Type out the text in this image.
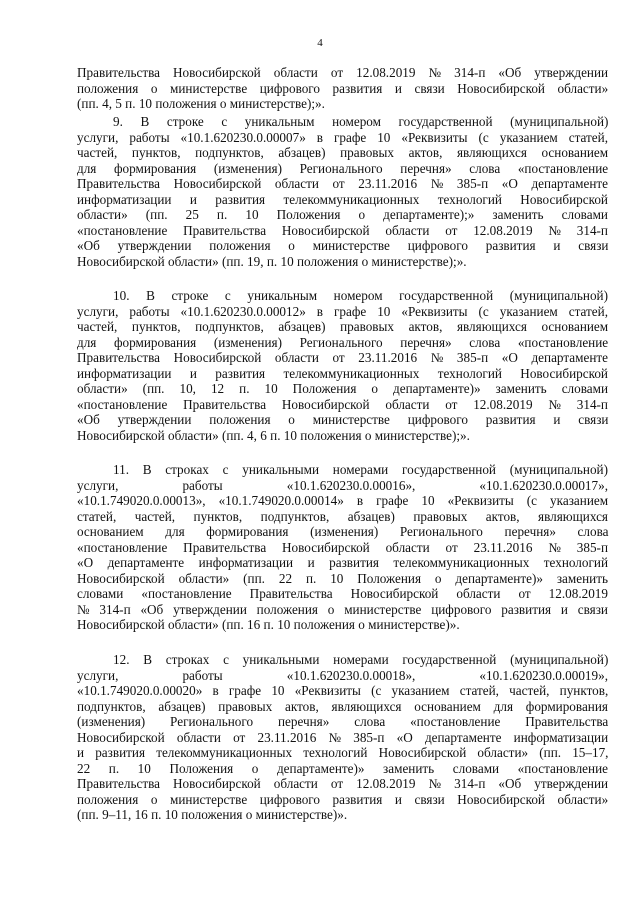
4
Правительства Новосибирской области от 12.08.2019 № 314-п «Об утверждении
положения о министерстве цифрового развития и связи Новосибирской области»
(пп. 4, 5 п. 10 положения о министерстве);».
9. В строке с уникальным номером государственной (муниципальной)
услуги, работы «10.1.620230.0.00007» в графе 10 «Реквизиты (с указанием статей,
частей, пунктов, подпунктов, абзацев) правовых актов, являющихся основанием
для формирования (изменения) Регионального перечня» слова «постановление
Правительства Новосибирской области от 23.11.2016 № 385-п «О департаменте
информатизации и развития телекоммуникационных технологий Новосибирской
области» (пп. 25 п. 10 Положения о департаменте);» заменить словами
«постановление Правительства Новосибирской области от 12.08.2019 № 314-п
«Об утверждении положения о министерстве цифрового развития и связи
Новосибирской области» (пп. 19, п. 10 положения о министерстве);».
10. В строке с уникальным номером государственной (муниципальной)
услуги, работы «10.1.620230.0.00012» в графе 10 «Реквизиты (с указанием статей,
частей, пунктов, подпунктов, абзацев) правовых актов, являющихся основанием
для формирования (изменения) Регионального перечня» слова «постановление
Правительства Новосибирской области от 23.11.2016 № 385-п «О департаменте
информатизации и развития телекоммуникационных технологий Новосибирской
области» (пп. 10, 12 п. 10 Положения о департаменте)» заменить словами
«постановление Правительства Новосибирской области от 12.08.2019 № 314-п
«Об утверждении положения о министерстве цифрового развития и связи
Новосибирской области» (пп. 4, 6 п. 10 положения о министерстве);».
11. В строках с уникальными номерами государственной (муниципальной)
услуги, работы «10.1.620230.0.00016», «10.1.620230.0.00017»,
«10.1.749020.0.00013», «10.1.749020.0.00014» в графе 10 «Реквизиты (с указанием
статей, частей, пунктов, подпунктов, абзацев) правовых актов, являющихся
основанием для формирования (изменения) Регионального перечня» слова
«постановление Правительства Новосибирской области от 23.11.2016 № 385-п
«О департаменте информатизации и развития телекоммуникационных технологий
Новосибирской области» (пп. 22 п. 10 Положения о департаменте)» заменить
словами «постановление Правительства Новосибирской области от 12.08.2019
№ 314-п «Об утверждении положения о министерстве цифрового развития и связи
Новосибирской области» (пп. 16 п. 10 положения о министерстве)».
12. В строках с уникальными номерами государственной (муниципальной)
услуги, работы «10.1.620230.0.00018», «10.1.620230.0.00019»,
«10.1.749020.0.00020» в графе 10 «Реквизиты (с указанием статей, частей, пунктов,
подпунктов, абзацев) правовых актов, являющихся основанием для формирования
(изменения) Регионального перечня» слова «постановление Правительства
Новосибирской области от 23.11.2016 № 385-п «О департаменте информатизации
и развития телекоммуникационных технологий Новосибирской области» (пп. 15–17,
22 п. 10 Положения о департаменте)» заменить словами «постановление
Правительства Новосибирской области от 12.08.2019 № 314-п «Об утверждении
положения о министерстве цифрового развития и связи Новосибирской области»
(пп. 9–11, 16 п. 10 положения о министерстве)».
